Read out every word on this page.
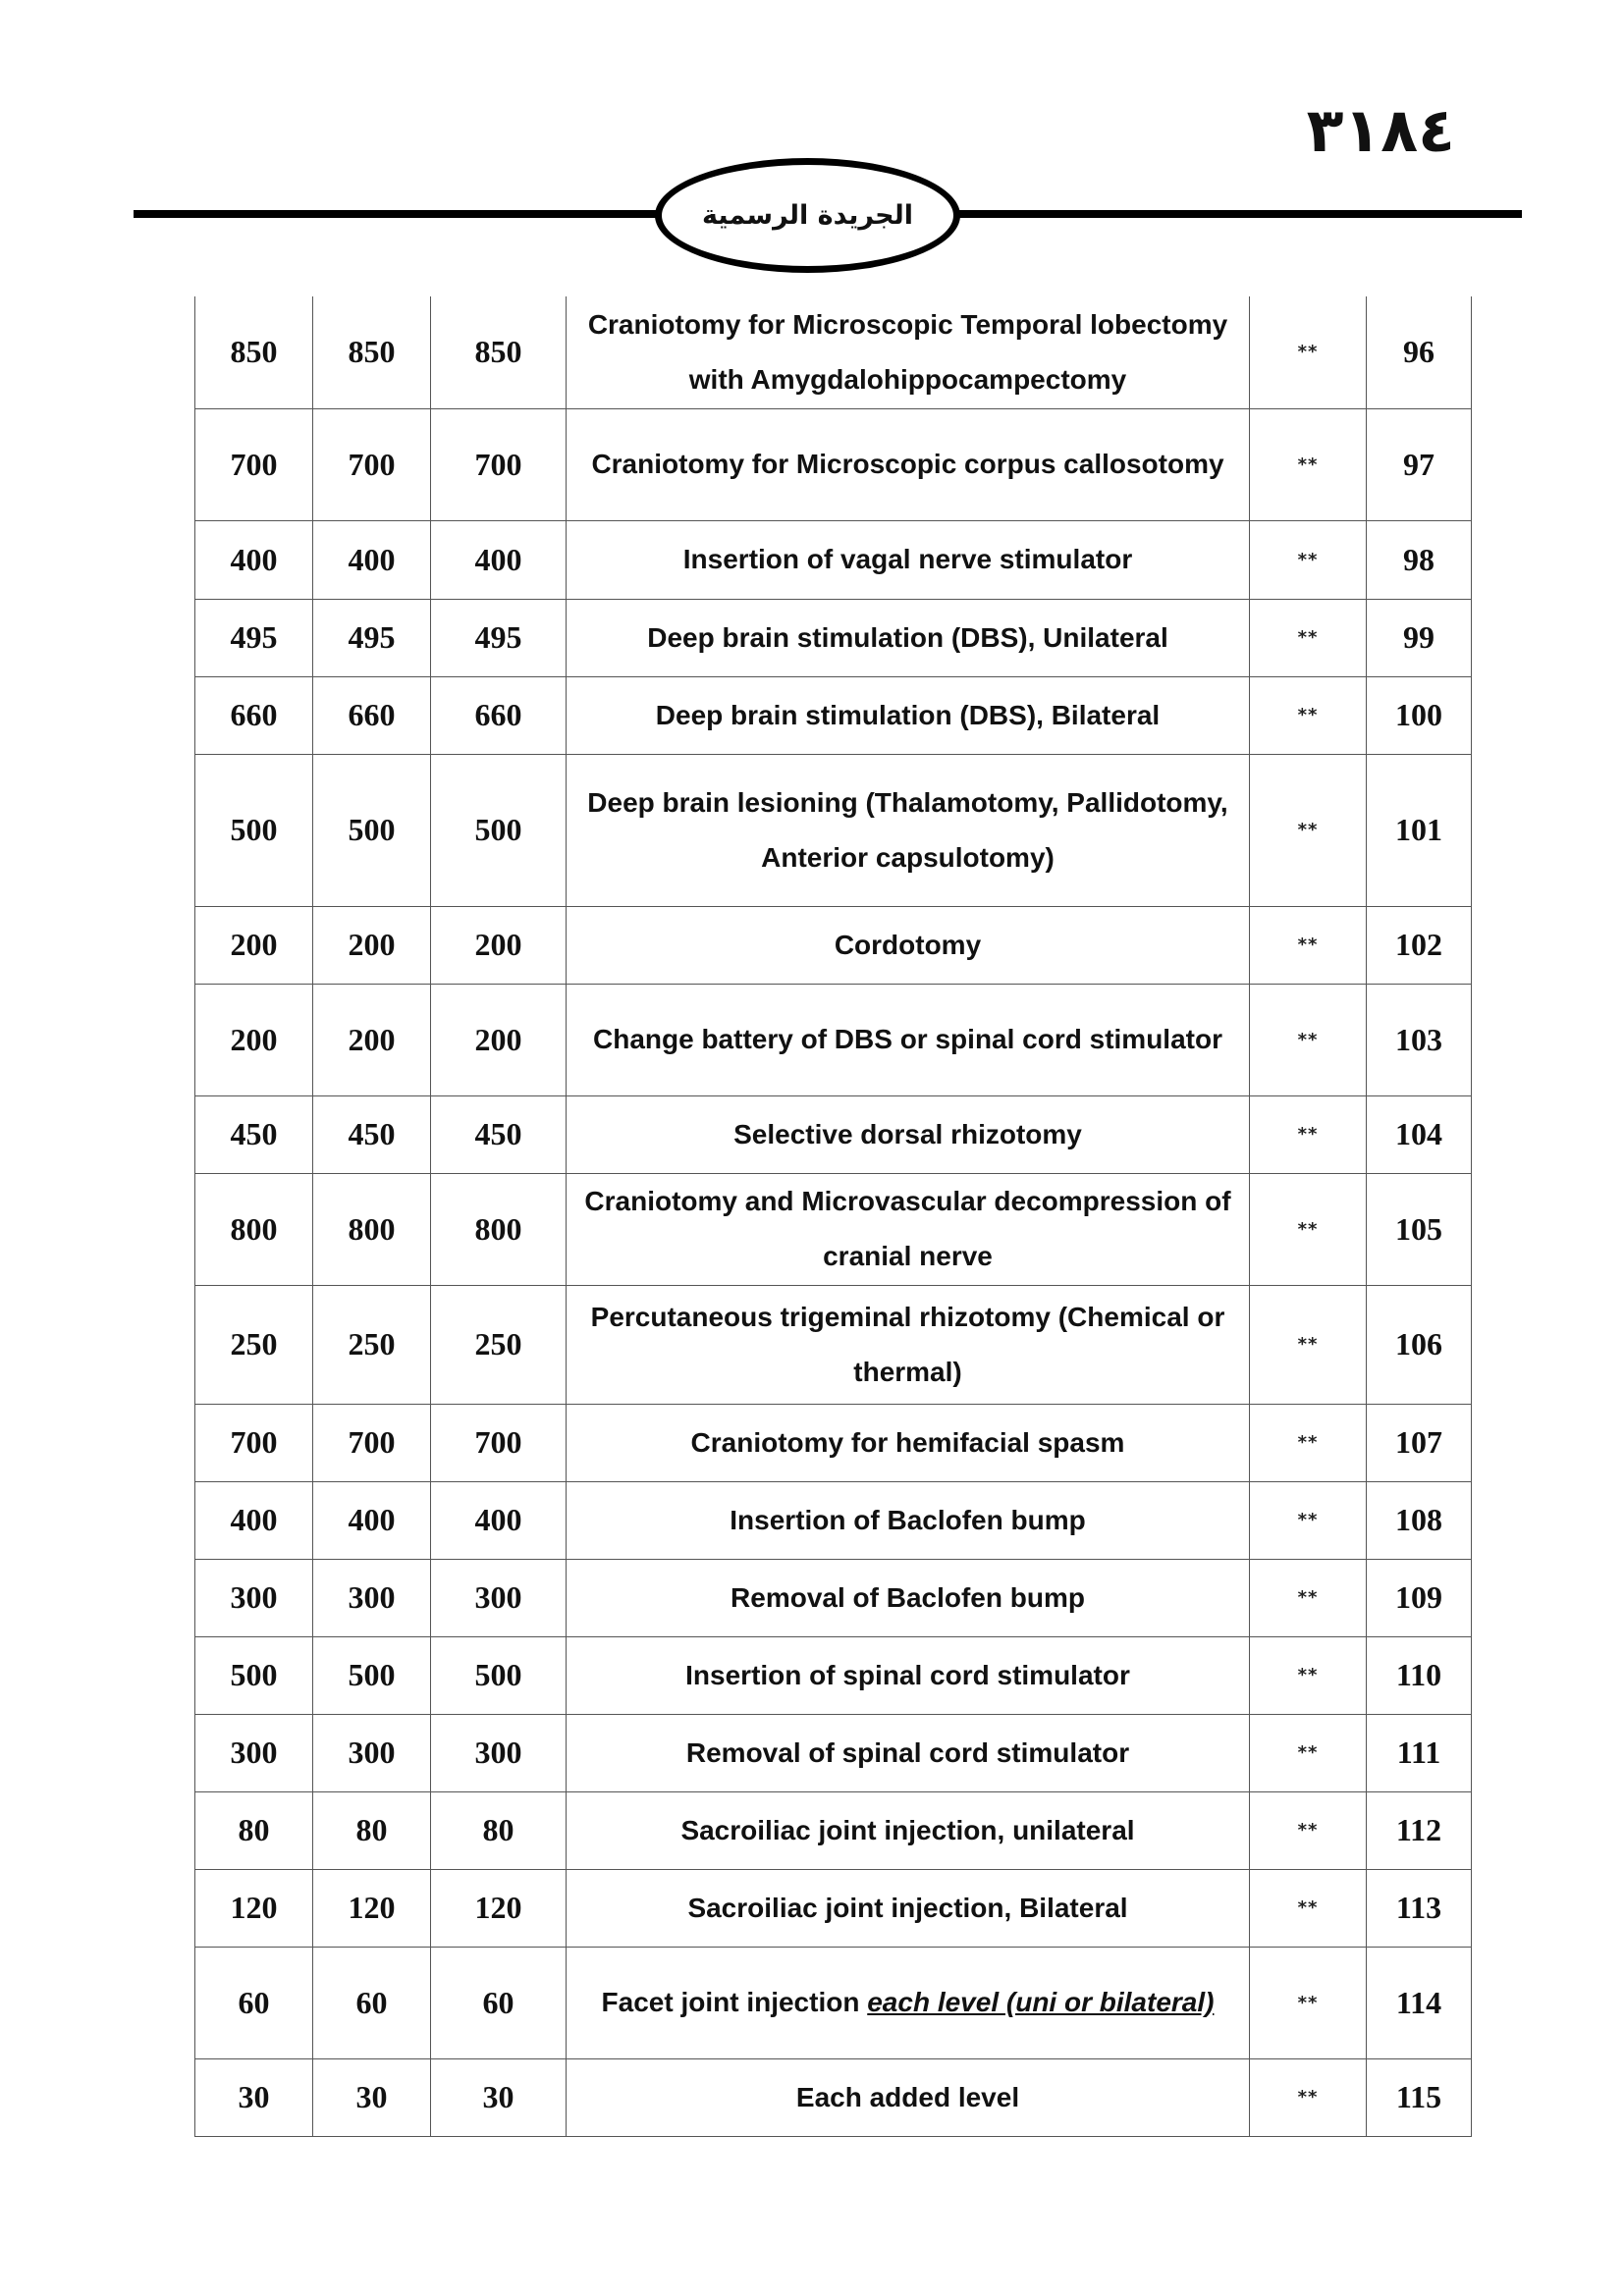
٣١٨٤
الجريدة الرسمية
850	850	850	Craniotomy for Microscopic Temporal lobectomy with Amygdalohippocampectomy	**	96
700	700	700	Craniotomy for Microscopic corpus callosotomy	**	97
400	400	400	Insertion of vagal nerve stimulator	**	98
495	495	495	Deep brain stimulation (DBS), Unilateral	**	99
660	660	660	Deep brain stimulation (DBS), Bilateral	**	100
500	500	500	Deep brain lesioning (Thalamotomy, Pallidotomy, Anterior capsulotomy)	**	101
200	200	200	Cordotomy	**	102
200	200	200	Change battery of DBS or spinal cord stimulator	**	103
450	450	450	Selective dorsal rhizotomy	**	104
800	800	800	Craniotomy and Microvascular decompression of cranial nerve	**	105
250	250	250	Percutaneous trigeminal rhizotomy (Chemical or thermal)	**	106
700	700	700	Craniotomy for hemifacial spasm	**	107
400	400	400	Insertion of Baclofen bump	**	108
300	300	300	Removal of Baclofen bump	**	109
500	500	500	Insertion of spinal cord stimulator	**	110
300	300	300	Removal of spinal cord stimulator	**	111
80	80	80	Sacroiliac joint injection, unilateral	**	112
120	120	120	Sacroiliac joint injection, Bilateral	**	113
60	60	60	Facet joint injection each level (uni or bilateral)	**	114
30	30	30	Each added level	**	115
